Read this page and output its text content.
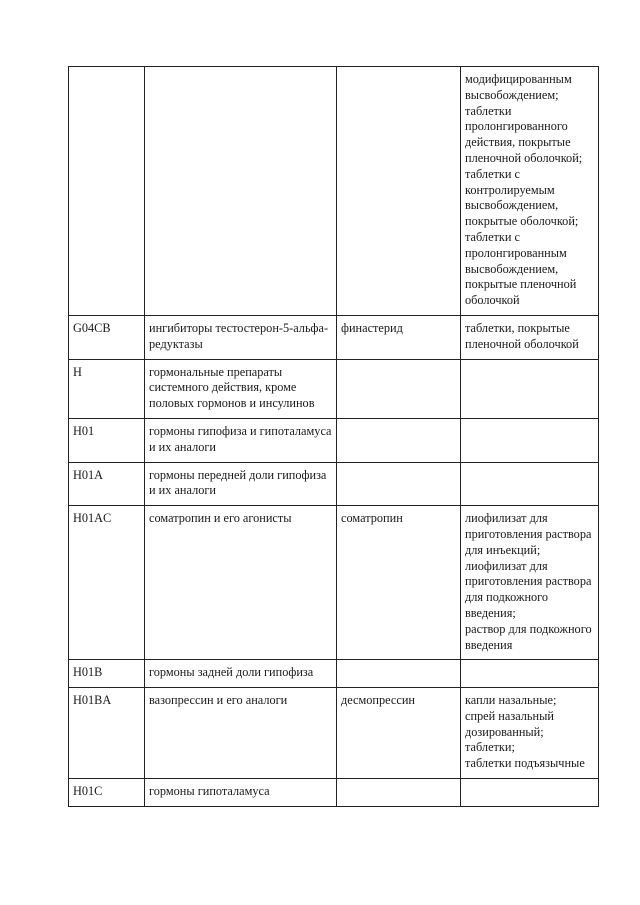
			модифицированным высвобождением;
таблетки пролонгированного действия, покрытые пленочной оболочкой;
таблетки с контролируемым высвобождением, покрытые оболочкой;
таблетки с пролонгированным высвобождением, покрытые пленочной оболочкой

G04CB	ингибиторы тестостерон-5-альфа-редуктазы	финастерид	таблетки, покрытые пленочной оболочкой

H	гормональные препараты системного действия, кроме половых гормонов и инсулинов		
H01	гормоны гипофиза и гипоталамуса и их аналоги		
H01A	гормоны передней доли гипофиза и их аналоги		
H01AC	соматропин и его агонисты	соматропин	лиофилизат для приготовления раствора для инъекций;
лиофилизат для приготовления раствора для подкожного введения;
раствор для подкожного введения

H01B	гормоны задней доли гипофиза		
H01BA	вазопрессин и его аналоги	десмопрессин	капли назальные;
спрей назальный дозированный;
таблетки;
таблетки подъязычные

H01C	гормоны гипоталамуса		
